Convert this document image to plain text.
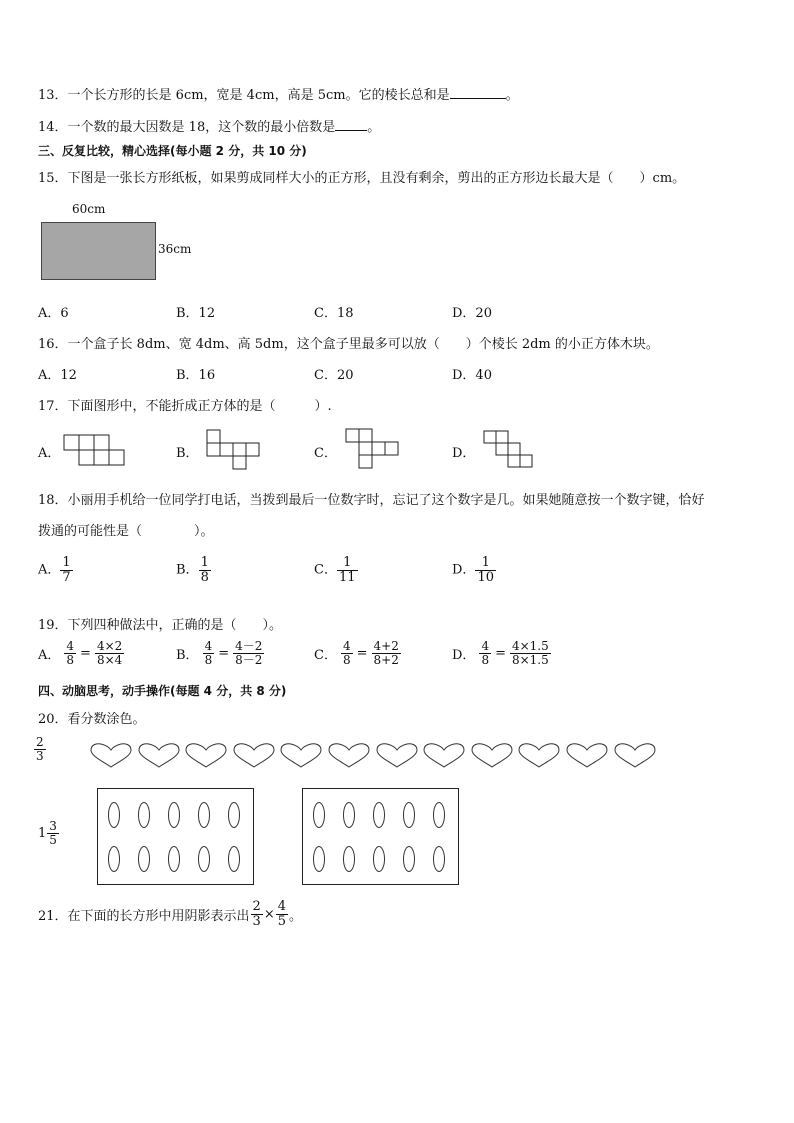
13．一个长方形的长是 6cm，宽是 4cm，高是 5cm。它的棱长总和是	。
14．一个数的最大因数是 18，这个数的最小倍数是 。
三、反复比较，精心选择(每小题 2 分，共 10 分)
15．下图是一张长方形纸板，如果剪成同样大小的正方形，且没有剩余，剪出的正方形边长最大是（　　）cm。
60cm
36cm
A．6	B．12	C．18	D．20
16．一个盒子长 8dm、宽 4dm、高 5dm，这个盒子里最多可以放（　　）个棱长 2dm 的小正方体木块。
A．12	B．16	C．20	D．40
17．下面图形中，不能折成正方体的是（　　　）.
A．	B．	C．	D．
18．小丽用手机给一位同学打电话，当拨到最后一位数字时，忘记了这个数字是几。如果她随意按一个数字键，恰好
拨通的可能性是（　　　　）。
A． $\frac{1}{7}$	B． $\frac{1}{8}$	C． $\frac{1}{11}$	D． $\frac{1}{10}$
19．下列四种做法中，正确的是（　　）。
A． $\frac{4}{8} = \frac{4\times 2}{8\times 4}$	B． $\frac{4}{8} = \frac{4-2}{8-2}$	C． $\frac{4}{8} = \frac{4+2}{8+2}$	D． $\frac{4}{8} = \frac{4\times 1.5}{8\times 1.5}$
四、动脑思考，动手操作(每题 4 分，共 8 分)
20．看分数涂色。
$\frac{2}{3}$
$1 \frac{3}{5}$
21．在下面的长方形中用阴影表示出 $\frac{2}{3} \times \frac{4}{5}$ 。
